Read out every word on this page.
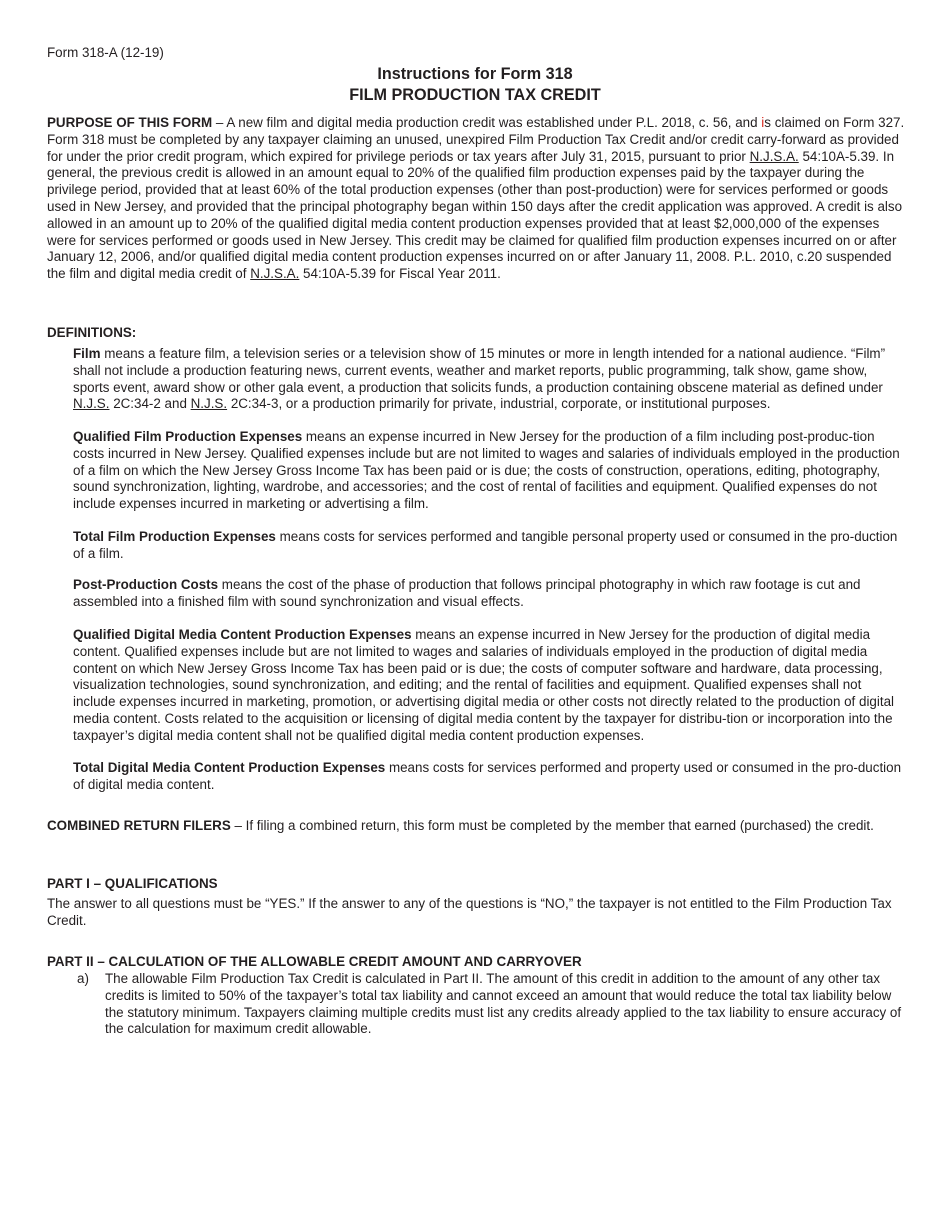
Form 318-A (12-19)
Instructions for Form 318
FILM PRODUCTION TAX CREDIT

PURPOSE OF THIS FORM – A new film and digital media production credit was established under P.L. 2018, c. 56, and is claimed on Form 327. Form 318 must be completed by any taxpayer claiming an unused, unexpired Film Production Tax Credit and/or credit carry-forward as provided for under the prior credit program, which expired for privilege periods or tax years after July 31, 2015, pursuant to prior N.J.S.A. 54:10A-5.39. In general, the previous credit is allowed in an amount equal to 20% of the qualified film production expenses paid by the taxpayer during the privilege period, provided that at least 60% of the total production expenses (other than post-production) were for services performed or goods used in New Jersey, and provided that the principal photography began within 150 days after the credit application was approved. A credit is also allowed in an amount up to 20% of the qualified digital media content production expenses provided that at least $2,000,000 of the expenses were for services performed or goods used in New Jersey. This credit may be claimed for qualified film production expenses incurred on or after January 12, 2006, and/or qualified digital media content production expenses incurred on or after January 11, 2008. P.L. 2010, c.20 suspended the film and digital media credit of N.J.S.A. 54:10A-5.39 for Fiscal Year 2011.

DEFINITIONS:

Film means a feature film, a television series or a television show of 15 minutes or more in length intended for a national audience. “Film” shall not include a production featuring news, current events, weather and market reports, public programming, talk show, game show, sports event, award show or other gala event, a production that solicits funds, a production containing obscene material as defined under N.J.S. 2C:34-2 and N.J.S. 2C:34-3, or a production primarily for private, industrial, corporate, or institutional purposes.

Qualified Film Production Expenses means an expense incurred in New Jersey for the production of a film including post-produc-tion costs incurred in New Jersey. Qualified expenses include but are not limited to wages and salaries of individuals employed in the production of a film on which the New Jersey Gross Income Tax has been paid or is due; the costs of construction, operations, editing, photography, sound synchronization, lighting, wardrobe, and accessories; and the cost of rental of facilities and equipment. Qualified expenses do not include expenses incurred in marketing or advertising a film.

Total Film Production Expenses means costs for services performed and tangible personal property used or consumed in the pro-duction of a film.

Post-Production Costs means the cost of the phase of production that follows principal photography in which raw footage is cut and assembled into a finished film with sound synchronization and visual effects.

Qualified Digital Media Content Production Expenses means an expense incurred in New Jersey for the production of digital media content. Qualified expenses include but are not limited to wages and salaries of individuals employed in the production of digital media content on which New Jersey Gross Income Tax has been paid or is due; the costs of computer software and hardware, data processing, visualization technologies, sound synchronization, and editing; and the rental of facilities and equipment. Qualified expenses shall not include expenses incurred in marketing, promotion, or advertising digital media or other costs not directly related to the production of digital media content. Costs related to the acquisition or licensing of digital media content by the taxpayer for distribu-tion or incorporation into the taxpayer’s digital media content shall not be qualified digital media content production expenses.

Total Digital Media Content Production Expenses means costs for services performed and property used or consumed in the pro-duction of digital media content.

COMBINED RETURN FILERS – If filing a combined return, this form must be completed by the member that earned (purchased) the credit.

PART I – QUALIFICATIONS

The answer to all questions must be “YES.” If the answer to any of the questions is “NO,” the taxpayer is not entitled to the Film Production Tax Credit.

PART II – CALCULATION OF THE ALLOWABLE CREDIT AMOUNT AND CARRYOVER
a) The allowable Film Production Tax Credit is calculated in Part II. The amount of this credit in addition to the amount of any other tax credits is limited to 50% of the taxpayer’s total tax liability and cannot exceed an amount that would reduce the total tax liability below the statutory minimum. Taxpayers claiming multiple credits must list any credits already applied to the tax liability to ensure accuracy of the calculation for maximum credit allowable.
